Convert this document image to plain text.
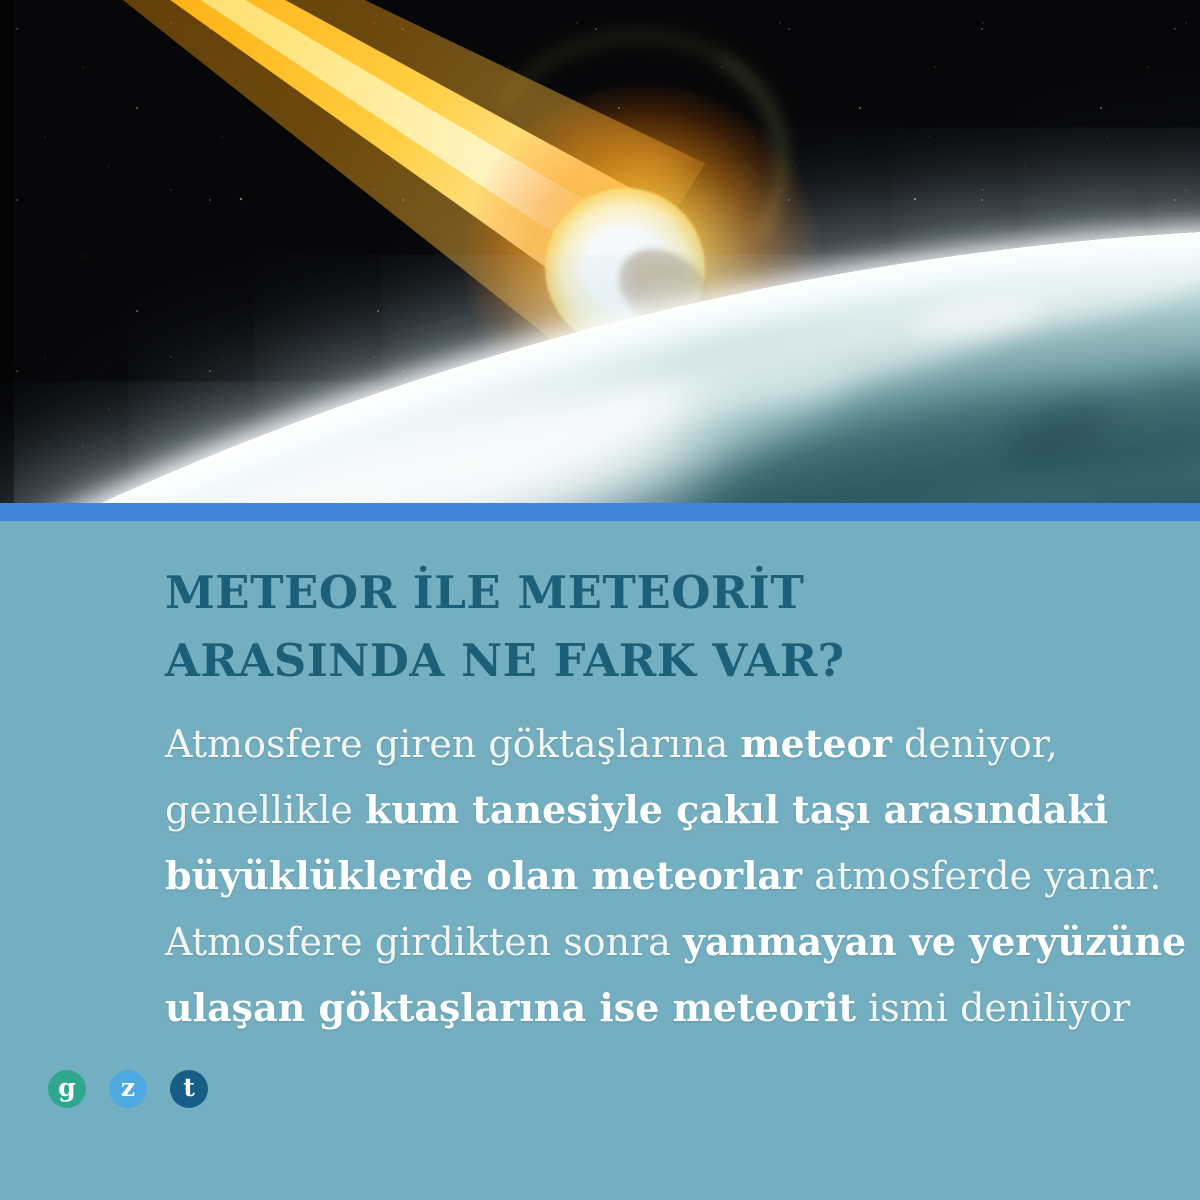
METEOR İLE METEORİT
ARASINDA NE FARK VAR?
Atmosfere giren göktaşlarına meteor deniyor,
genellikle kum tanesiyle çakıl taşı arasındaki
büyüklüklerde olan meteorlar atmosferde yanar.
Atmosfere girdikten sonra yanmayan ve yeryüzüne
ulaşan göktaşlarına ise meteorit ismi deniliyor
g z t
